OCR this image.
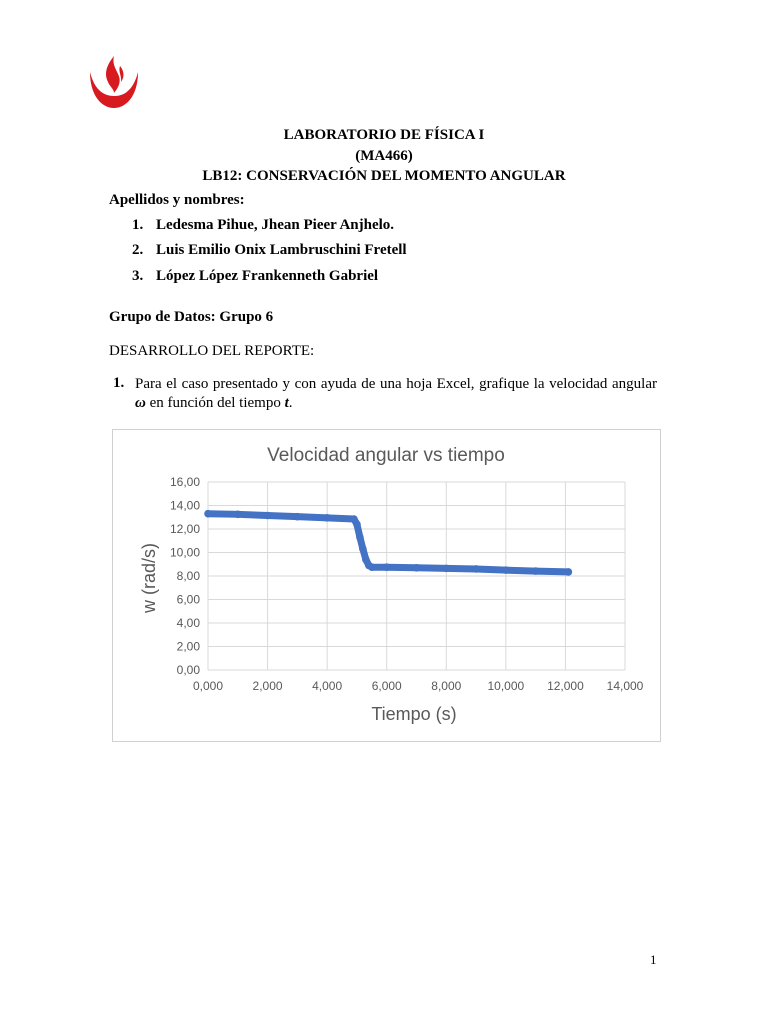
LABORATORIO DE FÍSICA I
(MA466)
LB12: CONSERVACIÓN DEL MOMENTO ANGULAR
Apellidos y nombres:
1. Ledesma Pihue, Jhean Pieer Anjhelo.
2. Luis Emilio Onix Lambruschini Fretell
3. López López Frankenneth Gabriel
Grupo de Datos: Grupo 6
DESARROLLO DEL REPORTE:
1. Para el caso presentado y con ayuda de una hoja Excel, grafique la velocidad angular ω en función del tiempo t.
Velocidad angular vs tiempo
0,00
2,00
4,00
6,00
8,00
10,00
12,00
14,00
16,00
0,000 2,000 4,000 6,000 8,000 10,000 12,000 14,000
Tiempo (s)
w (rad/s)
1
